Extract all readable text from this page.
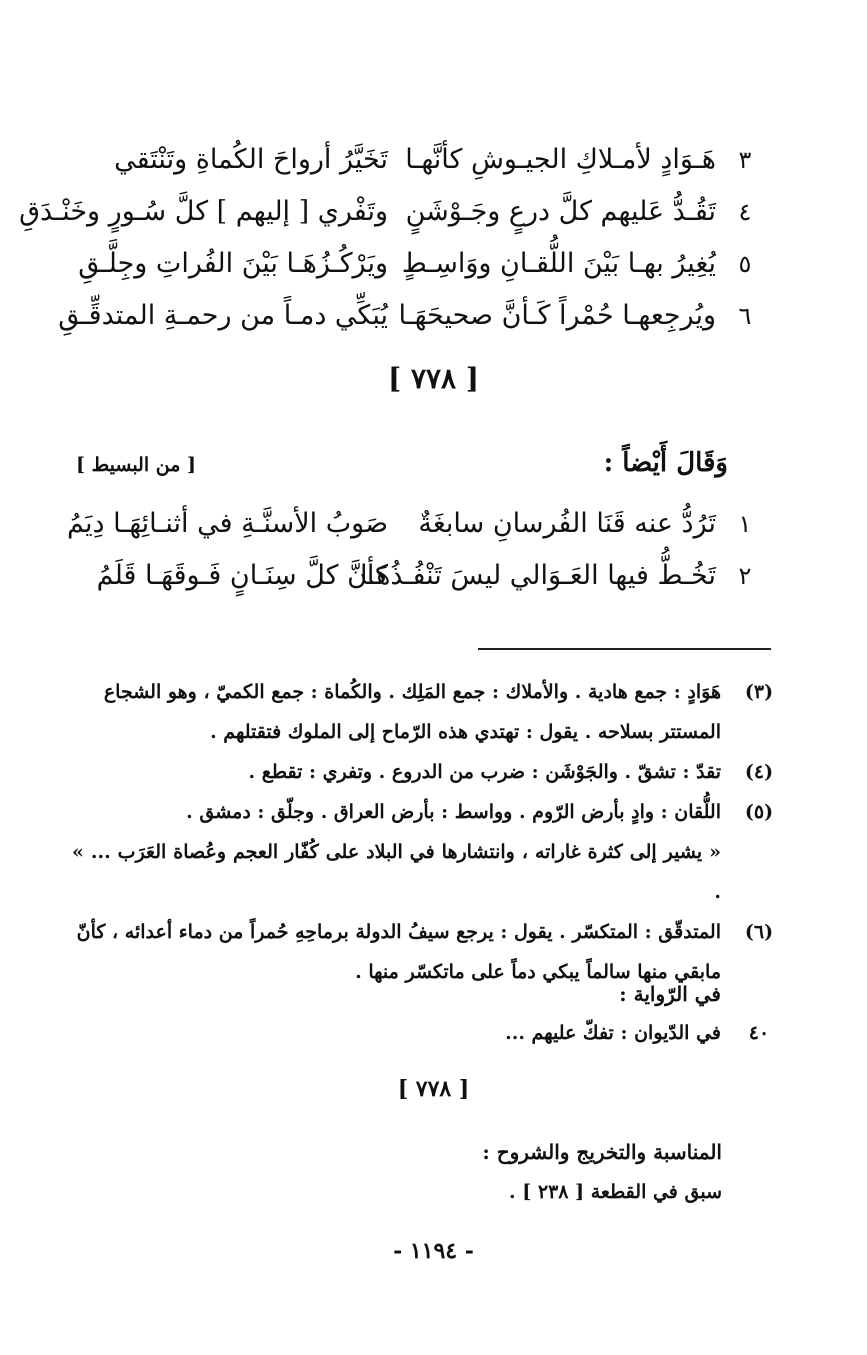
٣
هَـوَادٍ لأمـلاكِ الجيـوشِ كأنَّهـا
تَخَيَّرُ أرواحَ الكُماةِ وتَنْتَقي
٤
تَقُـدُّ عَليهم كلَّ درعٍ وجَـوْشَنٍ
وتَفْري [ إليهم ] كلَّ سُـورٍ وخَنْـدَقِ
٥
يُغِيرُ بهـا بَيْنَ اللُّقـانِ ووَاسِـطٍ
ويَرْكُـزُهَـا بَيْنَ الفُراتِ وجِلَّـقِ
٦
ويُرجِعهـا حُمْراً كَـأنَّ صحيحَهَـا
يُبَكِّي دمـاً من رحمـةِ المتدقِّـقِ
[ ٧٧٨ ]
وَقَالَ أَيْضاً :
[ من البسيط ]
١
تَرُدُّ عنه قَنَا الفُرسانِ سابغَةٌ
صَوبُ الأسنَّـةِ في أثنـائِهَـا دِيَمُ
٢
تَخُـطُّ فيها العَـوَالي ليسَ تَنْفُـذُهَـا
كأنَّ كلَّ سِنَـانٍ فَـوقَهَـا قَلَمُ
(٣)

هَوَادٍ : جمع هادية . والأملاك : جمع المَلِك . والكُماة : جمع الكميّ ، وهو الشجاع

المستتر بسلاحه . يقول : تهتدي هذه الرّماح إلى الملوك فتقتلهم .

(٤)

تقدّ : تشقّ . والجَوْشَن : ضرب من الدروع . وتفري : تقطع .

(٥)

اللُّقان : وادٍ بأرض الرّوم . وواسط : بأرض العراق . وجلّق : دمشق .

« يشير إلى كثرة غاراته ، وانتشارها في البلاد على كُفّار العجم وعُصاة العَرَب ... » .

(٦)

المتدقّق : المتكسّر . يقول : يرجع سيفُ الدولة برماحِهِ حُمراً من دماء أعدائه ، كأنّ

مابقي منها سالماً يبكي دماً على ماتكسّر منها .

في الرّواية :
٤٠
في الدّيوان : تفكّ عليهم ...
[ ٧٧٨ ]
المناسبة والتخريج والشروح :
سبق في القطعة [ ٢٣٨ ] .
- ١١٩٤ -
